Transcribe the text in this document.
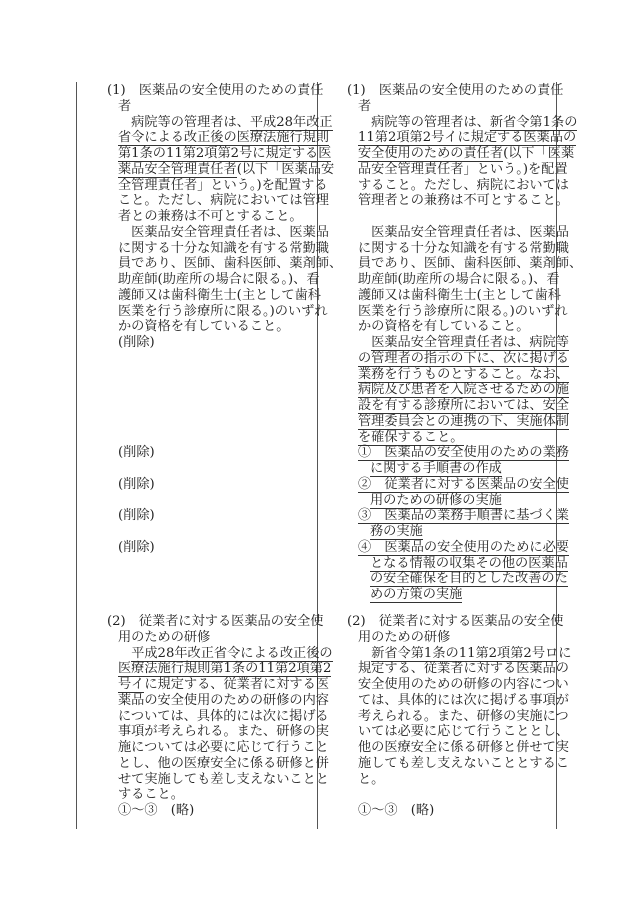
(1)　医薬品の安全使用のための責任
者
　病院等の管理者は、平成28年改正
省令による改正後の医療法施行規則
第1条の11第2項第2号に規定する医
薬品安全管理責任者(以下「医薬品安
全管理責任者」という。)を配置する
こと。ただし、病院においては管理
者との兼務は不可とすること。
　医薬品安全管理責任者は、医薬品
に関する十分な知識を有する常勤職
員であり、医師、歯科医師、薬剤師、
助産師(助産所の場合に限る。)、看
護師又は歯科衛生士(主として歯科
医業を行う診療所に限る。)のいずれ
かの資格を有していること。
(削除)
(削除)
(削除)
(削除)
(削除)
(2)　従業者に対する医薬品の安全使
用のための研修
　平成28年改正省令による改正後の
医療法施行規則第1条の11第2項第2
号イに規定する、従業者に対する医
薬品の安全使用のための研修の内容
については、具体的には次に掲げる
事項が考えられる。また、研修の実
施については必要に応じて行うこと
とし、他の医療安全に係る研修と併
せて実施しても差し支えないことと
すること。
①～③　(略)
(1)　医薬品の安全使用のための責任
者
　病院等の管理者は、新省令第1条の
11第2項第2号イに規定する医薬品の
安全使用のための責任者(以下「医薬
品安全管理責任者」という。)を配置
すること。ただし、病院においては
管理者との兼務は不可とすること。
　医薬品安全管理責任者は、医薬品
に関する十分な知識を有する常勤職
員であり、医師、歯科医師、薬剤師、
助産師(助産所の場合に限る。)、看
護師又は歯科衛生士(主として歯科
医業を行う診療所に限る。)のいずれ
かの資格を有していること。
　医薬品安全管理責任者は、病院等
の管理者の指示の下に、次に掲げる
業務を行うものとすること。なお、
病院及び患者を入院させるための施
設を有する診療所においては、安全
管理委員会との連携の下、実施体制
を確保すること。
①　医薬品の安全使用のための業務
に関する手順書の作成
②　従業者に対する医薬品の安全使
用のための研修の実施
③　医薬品の業務手順書に基づく業
務の実施
④　医薬品の安全使用のために必要
となる情報の収集その他の医薬品
の安全確保を目的とした改善のた
めの方策の実施
(2)　従業者に対する医薬品の安全使
用のための研修
　新省令第1条の11第2項第2号ロに
規定する、従業者に対する医薬品の
安全使用のための研修の内容につい
ては、具体的には次に掲げる事項が
考えられる。また、研修の実施につ
いては必要に応じて行うこととし、
他の医療安全に係る研修と併せて実
施しても差し支えないこととするこ
と。
①～③　(略)
